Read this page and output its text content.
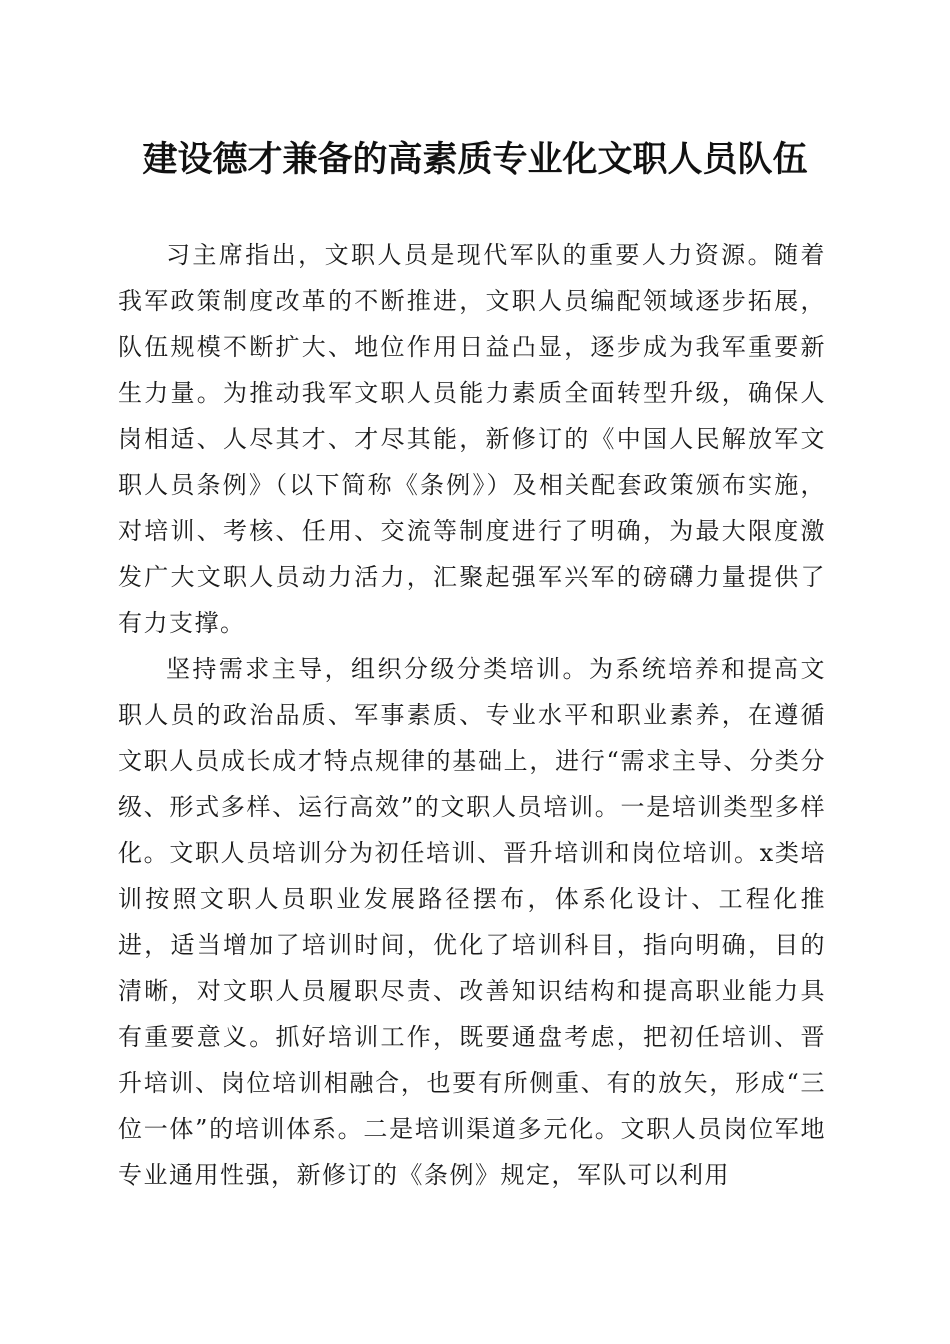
建设德才兼备的高素质专业化文职人员队伍

习主席指出，文职人员是现代军队的重要人力资源。随着我军政策制度改革的不断推进，文职人员编配领域逐步拓展，队伍规模不断扩大、地位作用日益凸显，逐步成为我军重要新生力量。为推动我军文职人员能力素质全面转型升级，确保人岗相适、人尽其才、才尽其能，新修订的《中国人民解放军文职人员条例》（以下简称《条例》）及相关配套政策颁布实施，对培训、考核、任用、交流等制度进行了明确，为最大限度激发广大文职人员动力活力，汇聚起强军兴军的磅礴力量提供了有力支撑。

坚持需求主导，组织分级分类培训。为系统培养和提高文职人员的政治品质、军事素质、专业水平和职业素养，在遵循文职人员成长成才特点规律的基础上，进行“需求主导、分类分级、形式多样、运行高效”的文职人员培训。一是培训类型多样化。文职人员培训分为初任培训、晋升培训和岗位培训。x类培训按照文职人员职业发展路径摆布，体系化设计、工程化推进，适当增加了培训时间，优化了培训科目，指向明确，目的清晰，对文职人员履职尽责、改善知识结构和提高职业能力具有重要意义。抓好培训工作，既要通盘考虑，把初任培训、晋升培训、岗位培训相融合，也要有所侧重、有的放矢，形成“三位一体”的培训体系。二是培训渠道多元化。文职人员岗位军地专业通用性强，新修订的《条例》规定，军队可以利用
